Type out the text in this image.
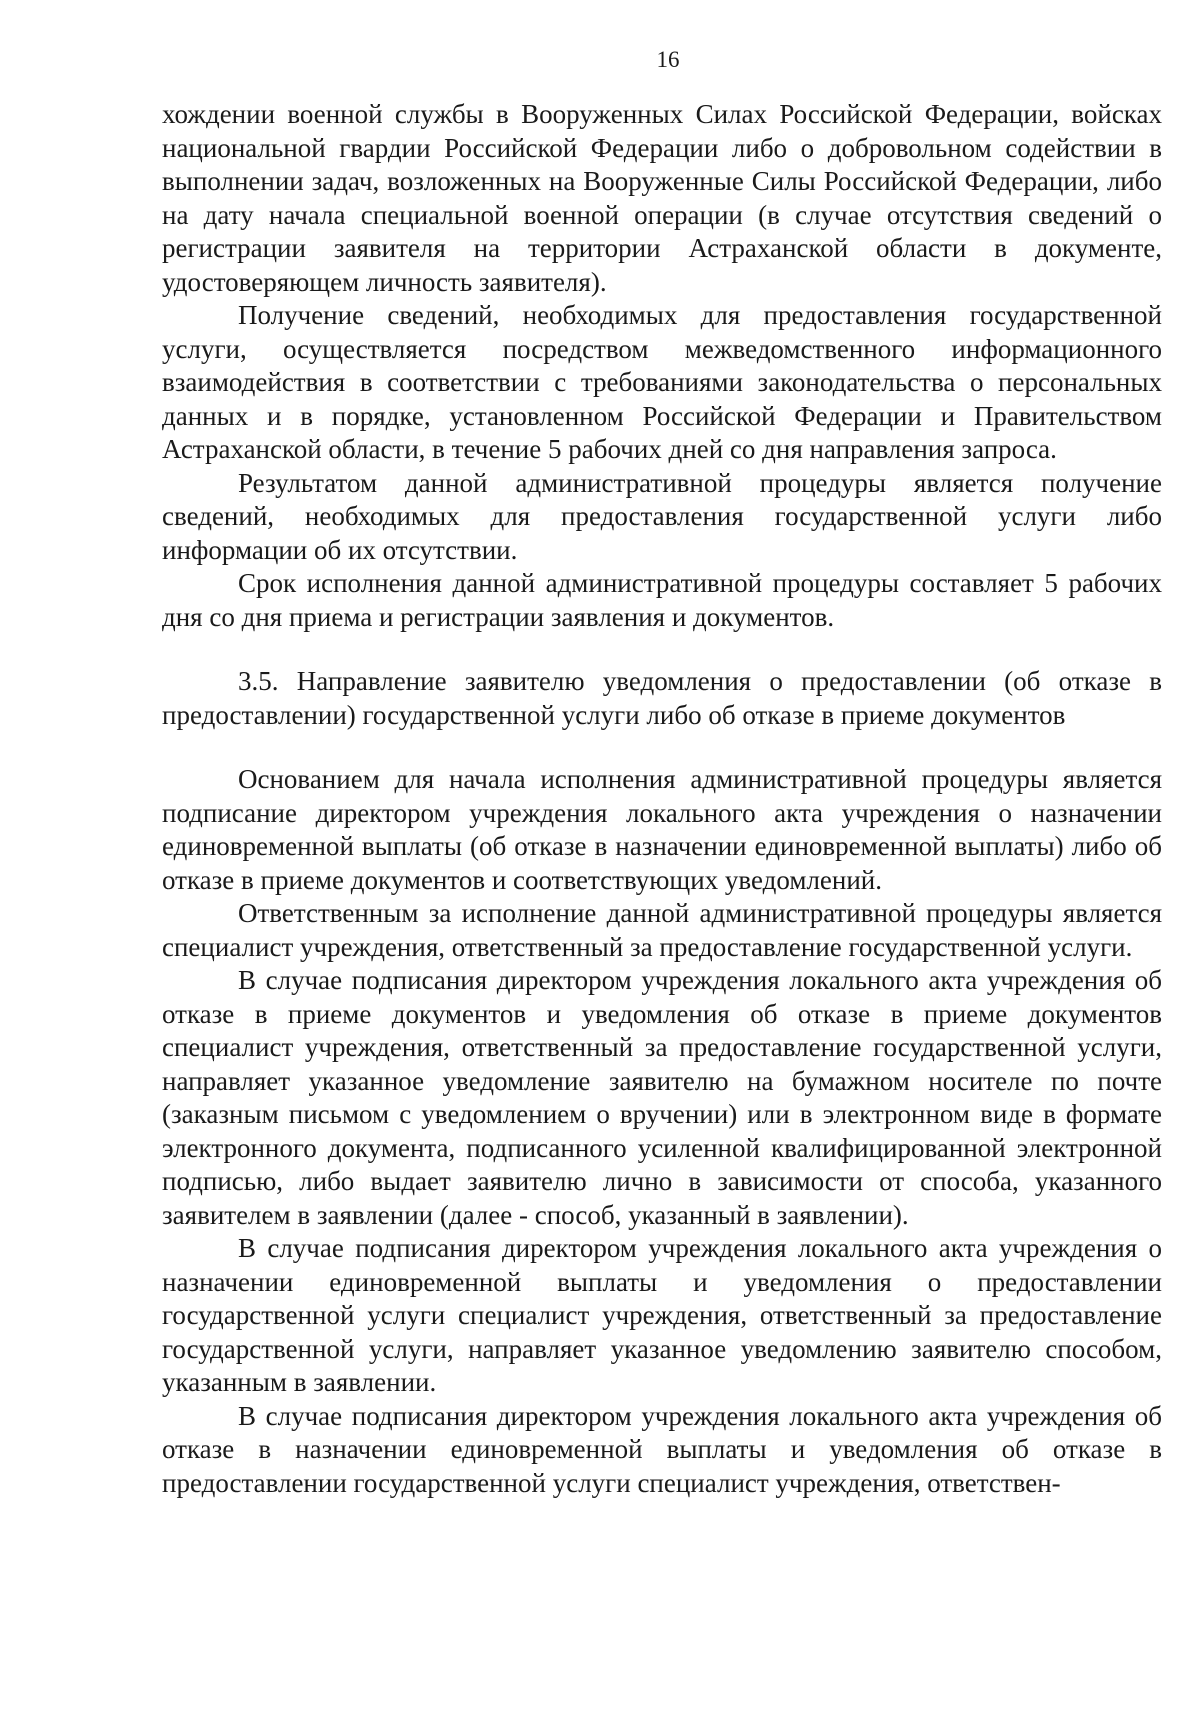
16

хождении военной службы в Вооруженных Силах Российской Федерации, войсках национальной гвардии Российской Федерации либо о добровольном содействии в выполнении задач, возложенных на Вооруженные Силы Российской Федерации, либо на дату начала специальной военной операции (в случае отсутствия сведений о регистрации заявителя на территории Астраханской области в документе, удостоверяющем личность заявителя).

Получение сведений, необходимых для предоставления государственной услуги, осуществляется посредством межведомственного информационного взаимодействия в соответствии с требованиями законодательства о персональных данных и в порядке, установленном Российской Федерации и Правительством Астраханской области, в течение 5 рабочих дней со дня направления запроса.

Результатом данной административной процедуры является получение сведений, необходимых для предоставления государственной услуги либо информации об их отсутствии.

Срок исполнения данной административной процедуры составляет 5 рабочих дня со дня приема и регистрации заявления и документов.

3.5. Направление заявителю уведомления о предоставлении (об отказе в предоставлении) государственной услуги либо об отказе в приеме документов

Основанием для начала исполнения административной процедуры является подписание директором учреждения локального акта учреждения о назначении единовременной выплаты (об отказе в назначении единовременной выплаты) либо об отказе в приеме документов и соответствующих уведомлений.

Ответственным за исполнение данной административной процедуры является специалист учреждения, ответственный за предоставление государственной услуги.

В случае подписания директором учреждения локального акта учреждения об отказе в приеме документов и уведомления об отказе в приеме документов специалист учреждения, ответственный за предоставление государственной услуги, направляет указанное уведомление заявителю на бумажном носителе по почте (заказным письмом с уведомлением о вручении) или в электронном виде в формате электронного документа, подписанного усиленной квалифицированной электронной подписью, либо выдает заявителю лично в зависимости от способа, указанного заявителем в заявлении (далее - способ, указанный в заявлении).

В случае подписания директором учреждения локального акта учреждения о назначении единовременной выплаты и уведомления о предоставлении государственной услуги специалист учреждения, ответственный за предоставление государственной услуги, направляет указанное уведомлению заявителю способом, указанным в заявлении.

В случае подписания директором учреждения локального акта учреждения об отказе в назначении единовременной выплаты и уведомления об отказе в предоставлении государственной услуги специалист учреждения, ответствен-
